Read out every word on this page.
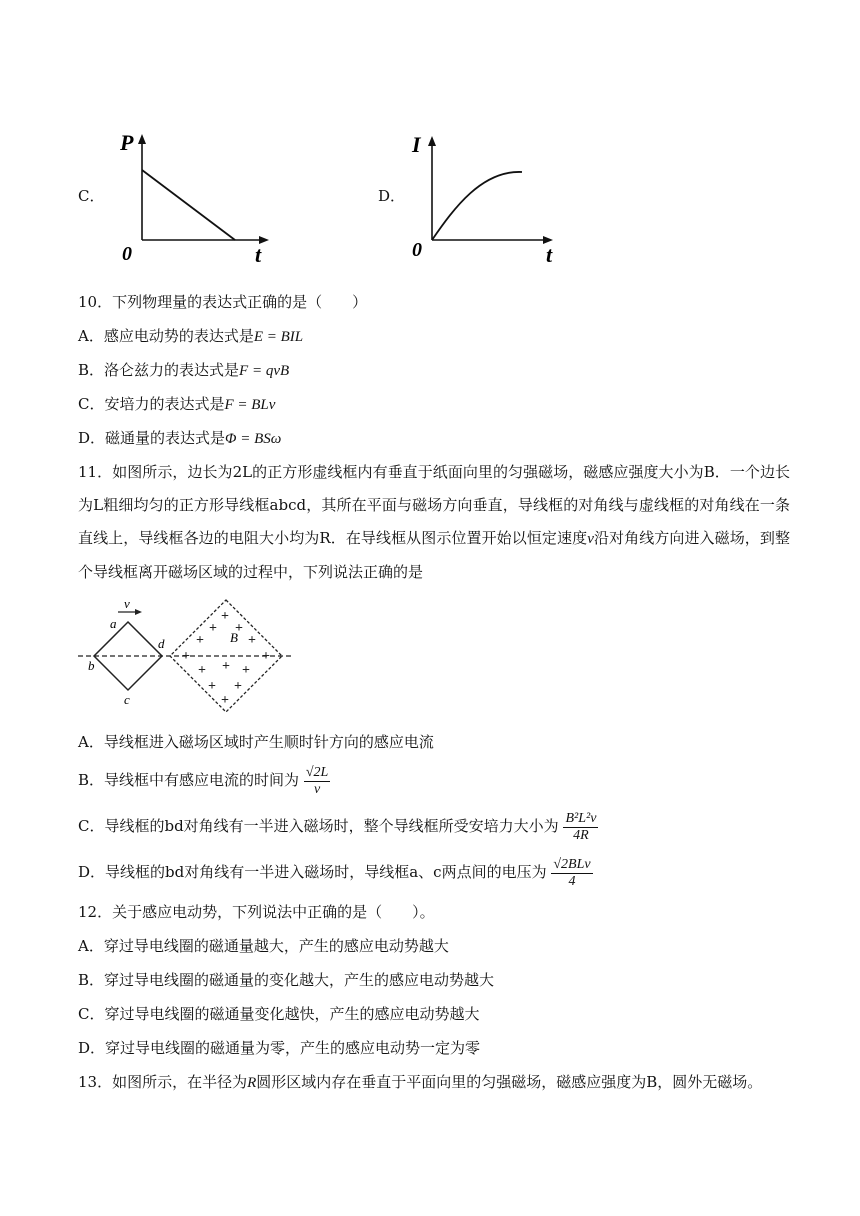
C．
P
t
0
D．
I
t
0
10．下列物理量的表达式正确的是（　　）
A．感应电动势的表达式是E = BIL
B．洛仑兹力的表达式是F = qvB
C．安培力的表达式是F = BLv
D．磁通量的表达式是Φ = BSω
11．如图所示，边长为2L的正方形虚线框内有垂直于纸面向里的匀强磁场，磁感应强度大小为B．一个边长为L粗细均匀的正方形导线框abcd，其所在平面与磁场方向垂直，导线框的对角线与虚线框的对角线在一条直线上，导线框各边的电阻大小均为R．在导线框从图示位置开始以恒定速度v沿对角线方向进入磁场，到整个导线框离开磁场区域的过程中，下列说法正确的是
v
a
b
c
d	B
+
+ +
+	+
+	+
+ + +
+ +
+
A．导线框进入磁场区域时产生顺时针方向的感应电流
B．导线框中有感应电流的时间为 $\frac{√2L}{v}$
C．导线框的bd对角线有一半进入磁场时，整个导线框所受安培力大小为 $\frac{\text{B²L²v}}{4R}$
D．导线框的bd对角线有一半进入磁场时，导线框a、c两点间的电压为 $\frac{\text{√2BLv}}{4}$
12．关于感应电动势，下列说法中正确的是（　　）。
A．穿过导电线圈的磁通量越大，产生的感应电动势越大
B．穿过导电线圈的磁通量的变化越大，产生的感应电动势越大
C．穿过导电线圈的磁通量变化越快，产生的感应电动势越大
D．穿过导电线圈的磁通量为零，产生的感应电动势一定为零
13．如图所示，在半径为R圆形区域内存在垂直于平面向里的匀强磁场，磁感应强度为B，圆外无磁场。
